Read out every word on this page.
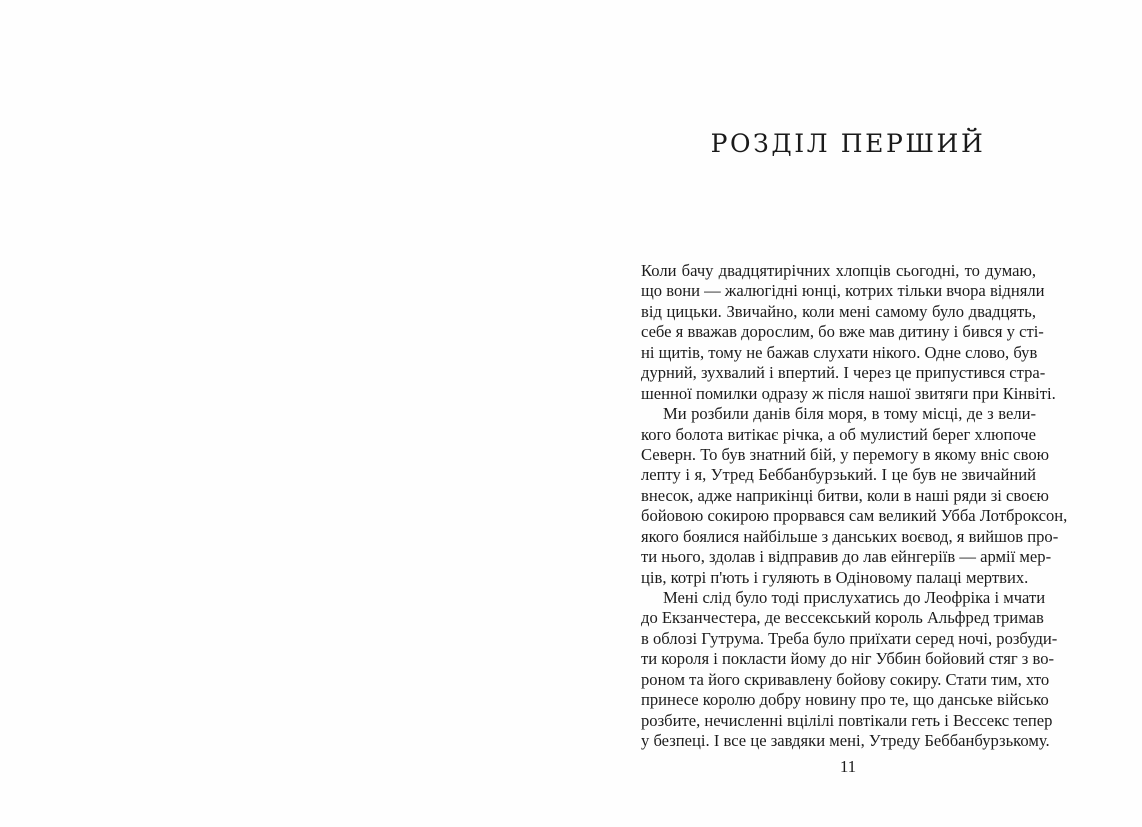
РОЗДІЛ ПЕРШИЙ
Коли бачу двадцятирічних хлопців сьогодні, то думаю,
що вони — жалюгідні юнці, котрих тільки вчора відняли
від цицьки. Звичайно, коли мені самому було двадцять,
себе я вважав дорослим, бо вже мав дитину і бився у сті-
ні щитів, тому не бажав слухати нікого. Одне слово, був
дурний, зухвалий і впертий. І через це припустився стра-
шенної помилки одразу ж після нашої звитяги при Кінвіті.
Ми розбили данів біля моря, в тому місці, де з вели-
кого болота витікає річка, а об мулистий берег хлюпоче
Северн. То був знатний бій, у перемогу в якому вніс свою
лепту і я, Утред Беббанбурзький. І це був не звичайний
внесок, адже наприкінці битви, коли в наші ряди зі своєю
бойовою сокирою прорвався сам великий Убба Лотброксон,
якого боялися найбільше з данських воєвод, я вийшов про-
ти нього, здолав і відправив до лав ейнгеріїв — армії мер-
ців, котрі п'ють і гуляють в Одіновому палаці мертвих.
Мені слід було тоді прислухатись до Леофріка і мчати
до Екзанчестера, де вессекський король Альфред тримав
в облозі Гутрума. Треба було приїхати серед ночі, розбуди-
ти короля і покласти йому до ніг Уббин бойовий стяг з во-
роном та його скривавлену бойову сокиру. Стати тим, хто
принесе королю добру новину про те, що данське військо
розбите, нечисленні вцілілі повтікали геть і Вессекс тепер
у безпеці. І все це завдяки мені, Утреду Беббанбурзькому.
11
